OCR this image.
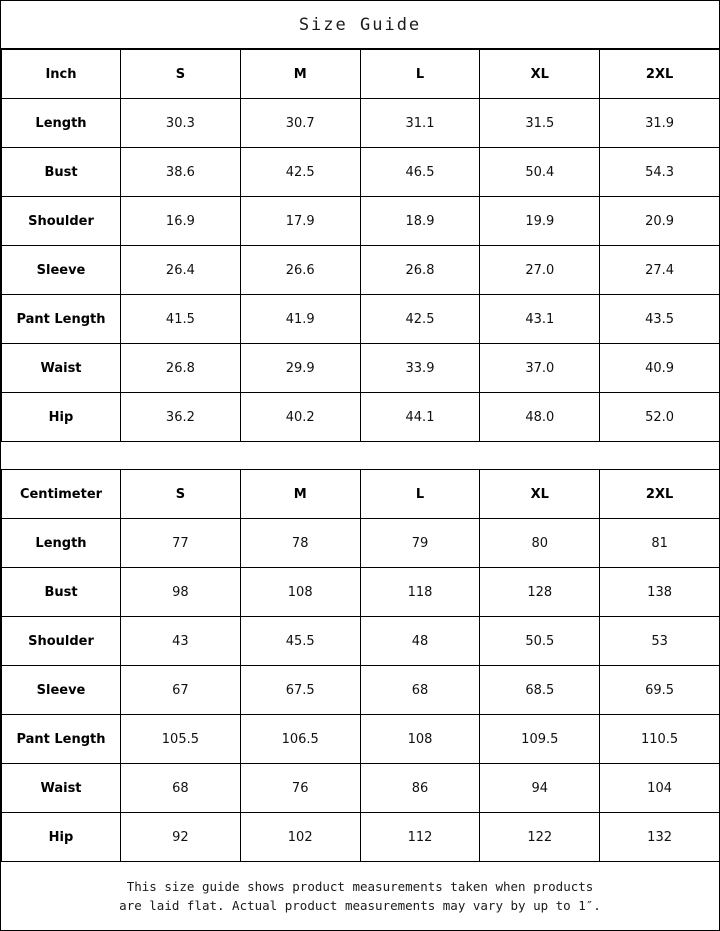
Size Guide
Inch	S	M	L	XL	2XL
Length	30.3	30.7	31.1	31.5	31.9
Bust	38.6	42.5	46.5	50.4	54.3
Shoulder	16.9	17.9	18.9	19.9	20.9
Sleeve	26.4	26.6	26.8	27.0	27.4
Pant Length	41.5	41.9	42.5	43.1	43.5
Waist	26.8	29.9	33.9	37.0	40.9
Hip	36.2	40.2	44.1	48.0	52.0
Centimeter	S	M	L	XL	2XL
Length	77	78	79	80	81
Bust	98	108	118	128	138
Shoulder	43	45.5	48	50.5	53
Sleeve	67	67.5	68	68.5	69.5
Pant Length	105.5	106.5	108	109.5	110.5
Waist	68	76	86	94	104
Hip	92	102	112	122	132
This size guide shows product measurements taken when products
are laid flat. Actual product measurements may vary by up to 1″.
